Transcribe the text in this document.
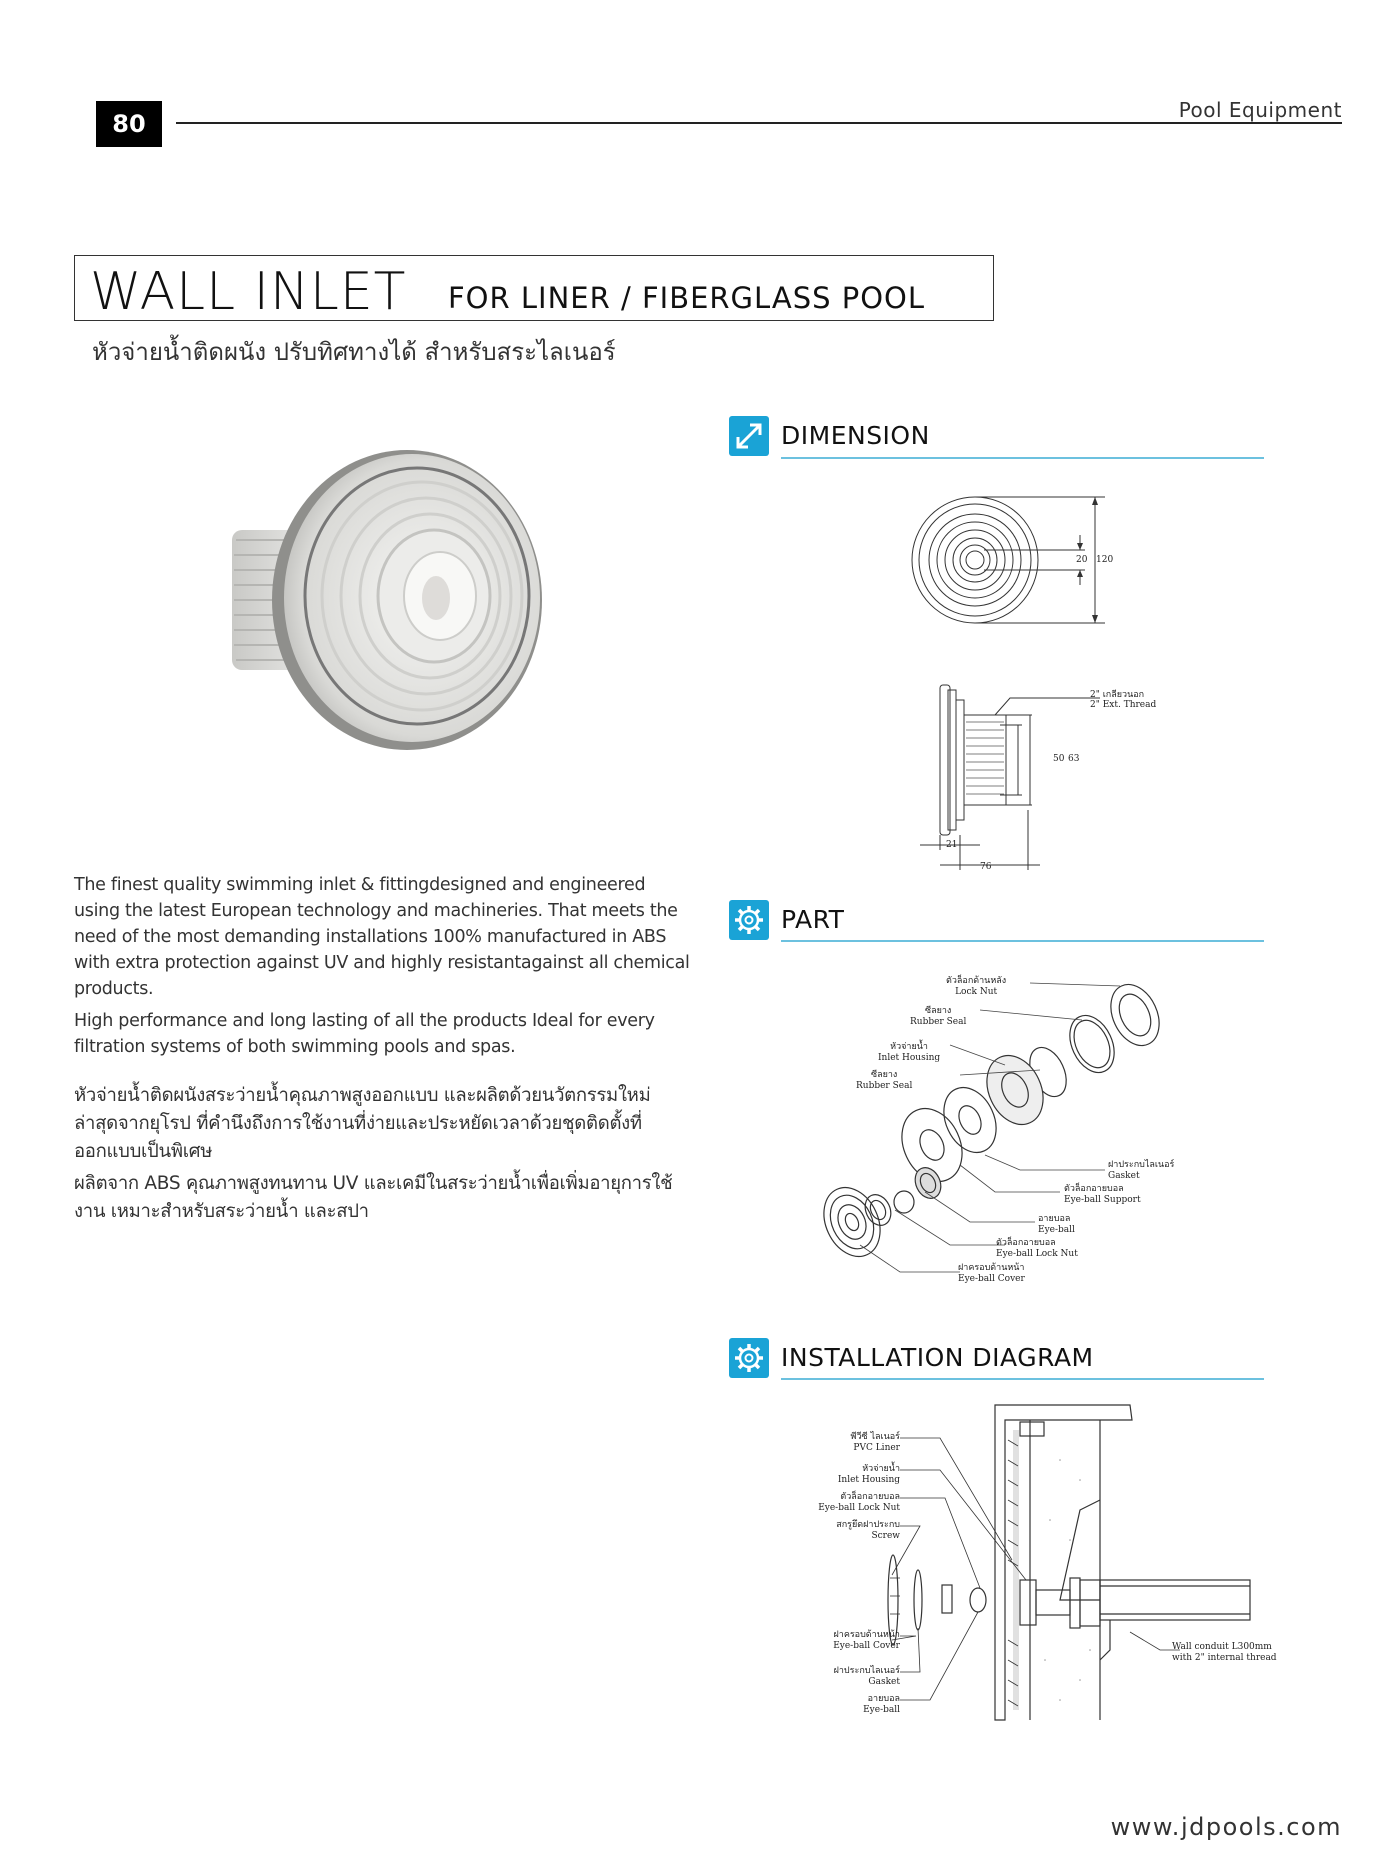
80	Pool Equipment
WALL INLET FOR LINER / FIBERGLASS POOL
หัวจ่ายน้ำติดผนัง ปรับทิศทางได้ สำหรับสระไลเนอร์
The finest quality swimming inlet & fittingdesigned and engineered using the latest European technology and machineries. That meets the need of the most demanding installations 100% manufactured in ABS with extra protection against UV and highly resistantagainst all chemical products.
High performance and long lasting of all the products Ideal for every filtration systems of both swimming pools and spas.
หัวจ่ายน้ำติดผนังสระว่ายน้ำคุณภาพสูงออกแบบ และผลิตด้วยนวัตกรรมใหม่ล่าสุดจากยุโรป ที่คำนึงถึงการใช้งานที่ง่ายและประหยัดเวลาด้วยชุดติดตั้งที่ออกแบบเป็นพิเศษ
ผลิตจาก ABS คุณภาพสูงทนทาน UV และเคมีในสระว่ายน้ำเพื่อเพิ่มอายุการใช้งาน เหมาะสำหรับสระว่ายน้ำ และสปา
DIMENSION
20 120
2" เกลียวนอก
2" Ext. Thread
50 63
21
76
PART
ตัวล็อกด้านหลัง
Lock Nut
ซีลยาง
Rubber Seal
หัวจ่ายน้ำ
Inlet Housing
ซีลยาง
Rubber Seal
ฝาประกบไลเนอร์
Gasket
ตัวล็อกอายบอล
Eye-ball Support
อายบอล
Eye-ball
ตัวล็อกอายบอล
Eye-ball Lock Nut
ฝาครอบด้านหน้า
Eye-ball Cover
INSTALLATION DIAGRAM
พีวีซี ไลเนอร์
PVC Liner
หัวจ่ายน้ำ
Inlet Housing
ตัวล็อกอายบอล
Eye-ball Lock Nut
สกรูยึดฝาประกบ
Screw
ฝาครอบด้านหน้า
Eye-ball Cover
ฝาประกบไลเนอร์
Gasket
อายบอล
Eye-ball
Wall conduit L300mm
with 2" internal thread
www.jdpools.com
